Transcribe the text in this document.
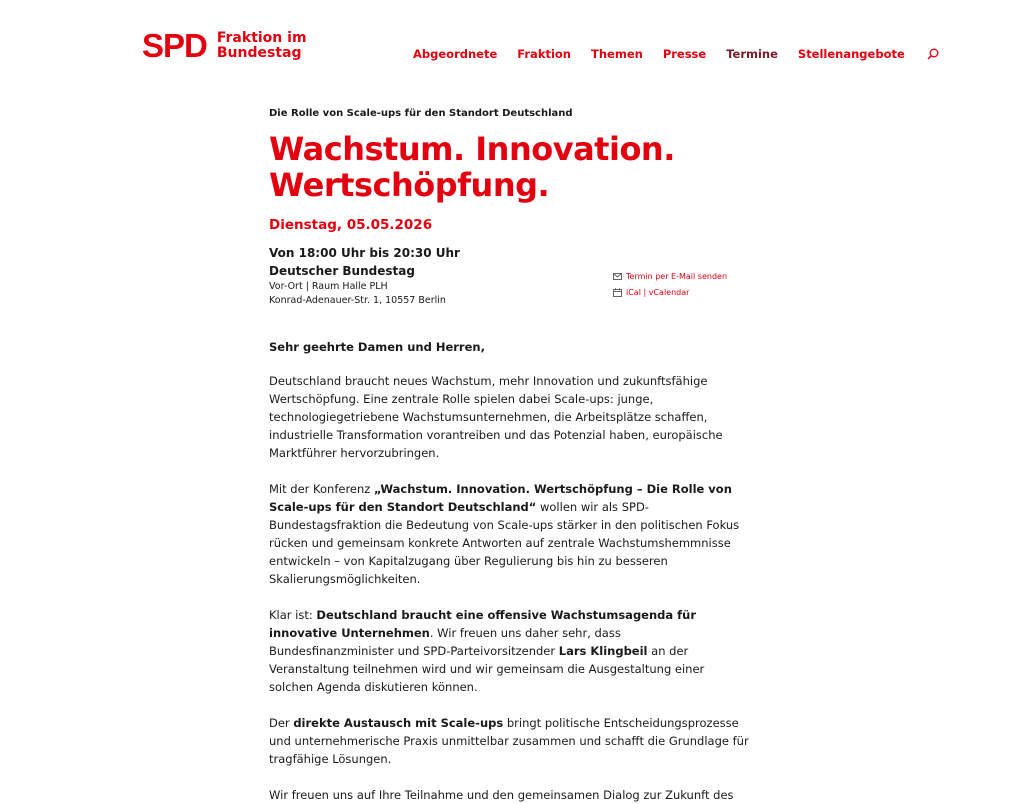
SPD Fraktion im
Bundestag	Abgeordnete Fraktion Themen Presse Termine Stellenangebote

Die Rolle von Scale-ups für den Standort Deutschland

Wachstum. Innovation.
Wertschöpfung.
Dienstag, 05.05.2026
Von 18:00 Uhr bis 20:30 Uhr
Deutscher Bundestag
Vor-Ort | Raum Halle PLH
Konrad-Adenauer-Str. 1, 10557 Berlin
Termin per E-Mail senden
iCal | vCalendar
Sehr geehrte Damen und Herren,

Deutschland braucht neues Wachstum, mehr Innovation und zukunftsfähige Wertschöpfung. Eine zentrale Rolle spielen dabei Scale-ups: junge, technologiegetriebene Wachstumsunternehmen, die Arbeitsplätze schaffen, industrielle Transformation vorantreiben und das Potenzial haben, europäische Marktführer hervorzubringen.

Mit der Konferenz „Wachstum. Innovation. Wertschöpfung – Die Rolle von Scale-ups für den Standort Deutschland“ wollen wir als SPD-Bundestagsfraktion die Bedeutung von Scale-ups stärker in den politischen Fokus rücken und gemeinsam konkrete Antworten auf zentrale Wachstumshemmnisse entwickeln – von Kapitalzugang über Regulierung bis hin zu besseren Skalierungsmöglichkeiten.

Klar ist: Deutschland braucht eine offensive Wachstumsagenda für innovative Unternehmen. Wir freuen uns daher sehr, dass Bundesfinanzminister und SPD-Parteivorsitzender Lars Klingbeil an der Veranstaltung teilnehmen wird und wir gemeinsam die Ausgestaltung einer solchen Agenda diskutieren können.

Der direkte Austausch mit Scale-ups bringt politische Entscheidungsprozesse und unternehmerische Praxis unmittelbar zusammen und schafft die Grundlage für tragfähige Lösungen.

Wir freuen uns auf Ihre Teilnahme und den gemeinsamen Dialog zur Zukunft des
